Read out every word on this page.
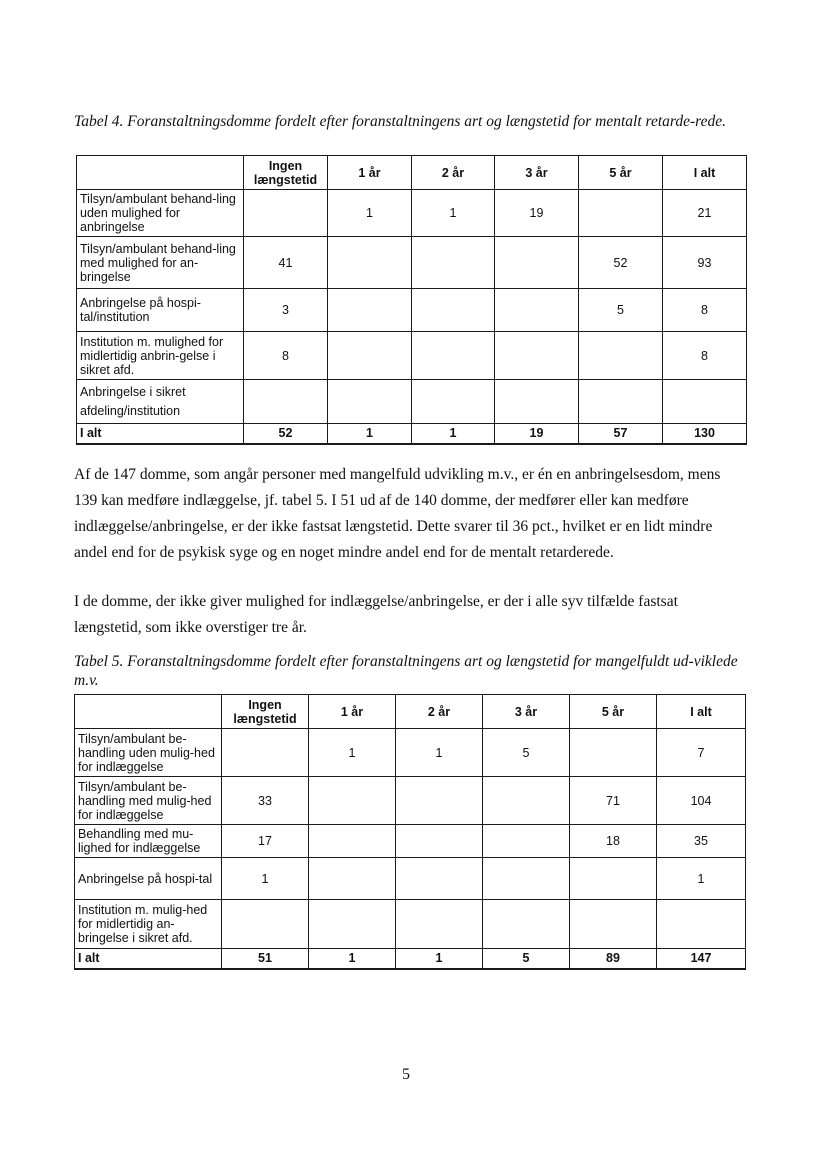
Tabel 4. Foranstaltningsdomme fordelt efter foranstaltningens art og længstetid for mentalt retarde-rede.
	Ingen længstetid	1 år	2 år	3 år	5 år	I alt
Tilsyn/ambulant behand-ling uden mulighed for anbringelse		1	1	19		21
Tilsyn/ambulant behand-ling med mulighed for an-bringelse	41				52	93
Anbringelse på hospi-tal/institution	3				5	8
Institution m. mulighed for midlertidig anbrin-gelse i sikret afd.	8					8
Anbringelse i sikret afdeling/institution						
I alt	52	1	1	19	57	130
Af de 147 domme, som angår personer med mangelfuld udvikling m.v., er én en anbringelsesdom, mens 139 kan medføre indlæggelse, jf. tabel 5. I 51 ud af de 140 domme, der medfører eller kan medføre indlæggelse/anbringelse, er der ikke fastsat længstetid. Dette svarer til 36 pct., hvilket er en lidt mindre andel end for de psykisk syge og en noget mindre andel end for de mentalt retarderede.
I de domme, der ikke giver mulighed for indlæggelse/anbringelse, er der i alle syv tilfælde fastsat længstetid, som ikke overstiger tre år.
Tabel 5. Foranstaltningsdomme fordelt efter foranstaltningens art og længstetid for mangelfuldt ud-viklede m.v.
	Ingen længstetid	1 år	2 år	3 år	5 år	I alt
Tilsyn/ambulant be-handling uden mulig-hed for indlæggelse		1	1	5		7
Tilsyn/ambulant be-handling med mulig-hed for indlæggelse	33				71	104
Behandling med mu-lighed for indlæggelse	17				18	35
Anbringelse på hospi-tal	1					1
Institution m. mulig-hed for midlertidig an-bringelse i sikret afd.						
I alt	51	1	1	5	89	147
5
